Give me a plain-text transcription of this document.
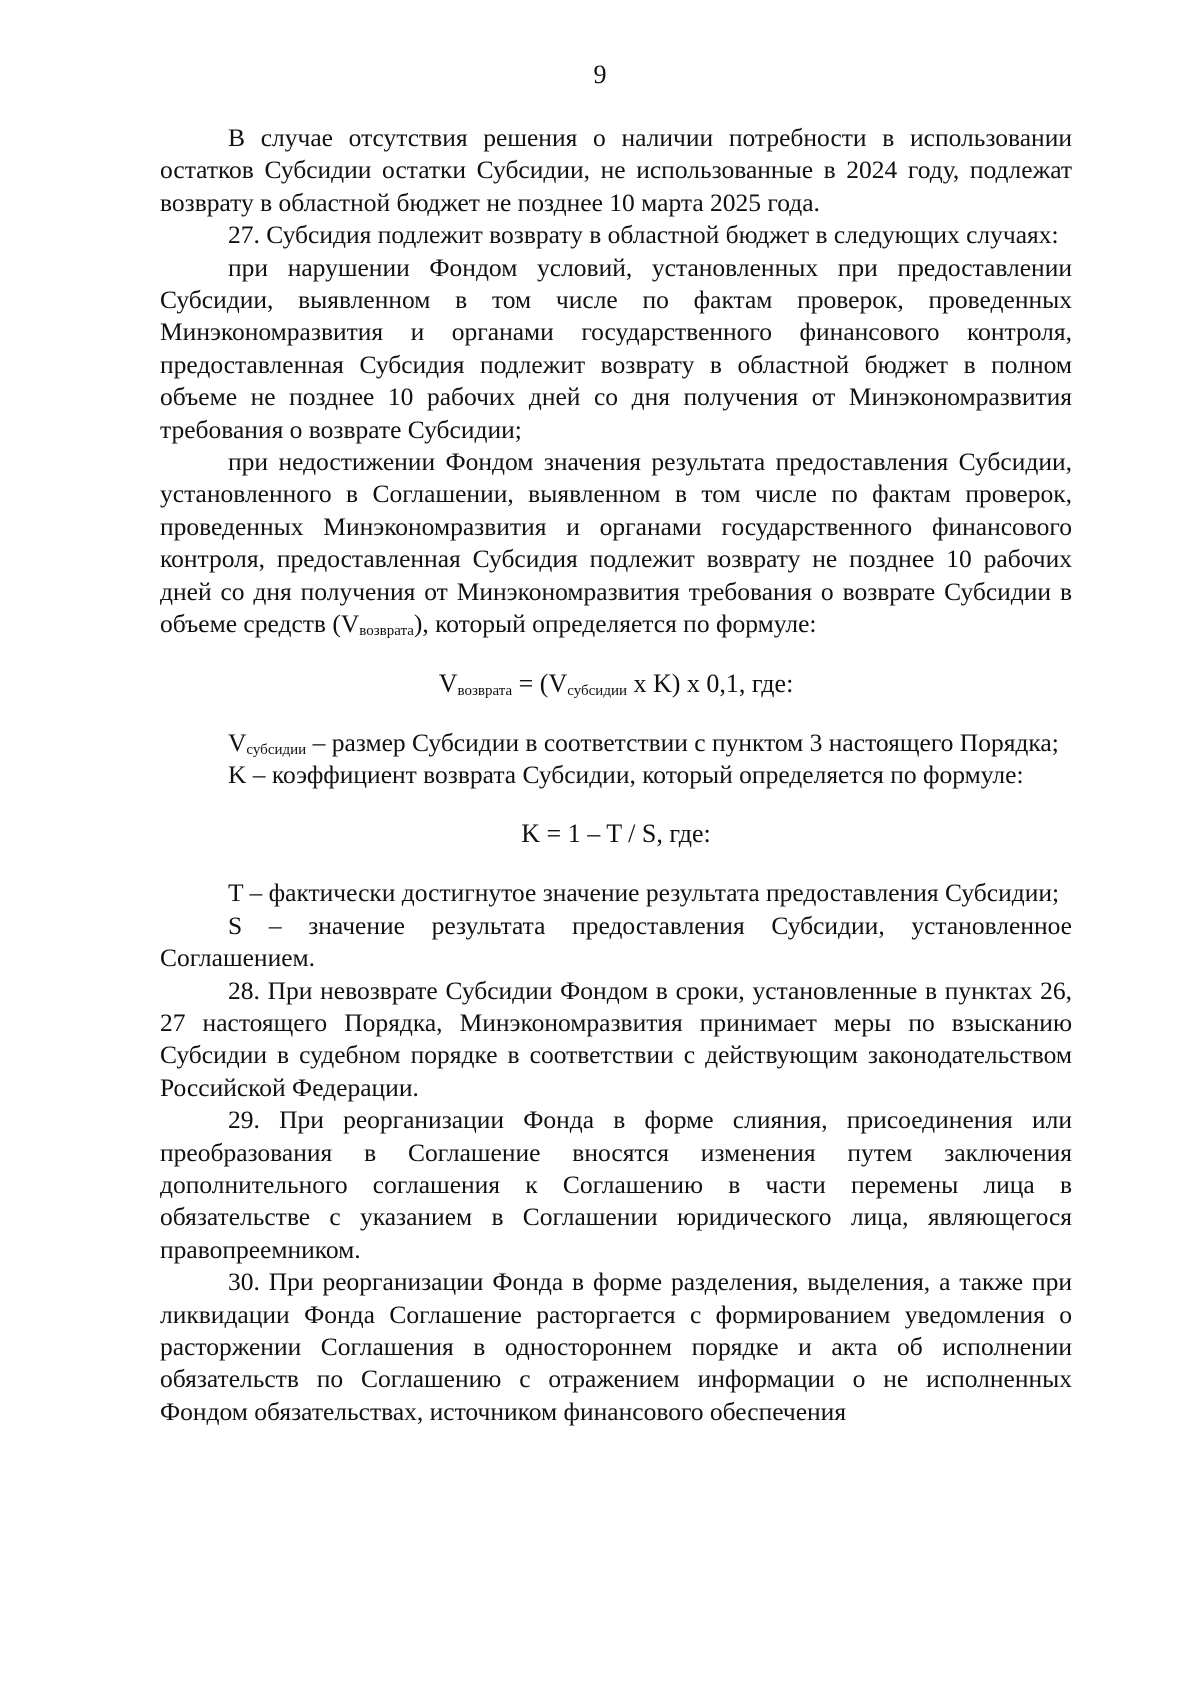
9

В случае отсутствия решения о наличии потребности в использовании остатков Субсидии остатки Субсидии, не использованные в 2024 году, подлежат возврату в областной бюджет не позднее 10 марта 2025 года.

27. Субсидия подлежит возврату в областной бюджет в следующих случаях:

при нарушении Фондом условий, установленных при предоставлении Субсидии, выявленном в том числе по фактам проверок, проведенных Минэкономразвития и органами государственного финансового контроля, предоставленная Субсидия подлежит возврату в областной бюджет в полном объеме не позднее 10 рабочих дней со дня получения от Минэкономразвития требования о возврате Субсидии;

при недостижении Фондом значения результата предоставления Субсидии, установленного в Соглашении, выявленном в том числе по фактам проверок, проведенных Минэкономразвития и органами государственного финансового контроля, предоставленная Субсидия подлежит возврату не позднее 10 рабочих дней со дня получения от Минэкономразвития требования о возврате Субсидии в объеме средств $(V_{возврата})$, который определяется по формуле:

$V_{возврата} = (V_{субсидии}$ x K) x 0,1, где:

Vсубсидии – размер Субсидии в соответствии с пунктом 3 настоящего Порядка;

K – коэффициент возврата Субсидии, который определяется по формуле:

K = 1 – T / S, где:

T – фактически достигнутое значение результата предоставления Субсидии;

S – значение результата предоставления Субсидии, установленное Соглашением.

28. При невозврате Субсидии Фондом в сроки, установленные в пунктах 26, 27 настоящего Порядка, Минэкономразвития принимает меры по взысканию Субсидии в судебном порядке в соответствии с действующим законодательством Российской Федерации.

29. При реорганизации Фонда в форме слияния, присоединения или преобразования в Соглашение вносятся изменения путем заключения дополнительного соглашения к Соглашению в части перемены лица в обязательстве с указанием в Соглашении юридического лица, являющегося правопреемником.

30. При реорганизации Фонда в форме разделения, выделения, а также при ликвидации Фонда Соглашение расторгается с формированием уведомления о расторжении Соглашения в одностороннем порядке и акта об исполнении обязательств по Соглашению с отражением информации о не исполненных Фондом обязательствах, источником финансового обеспечения
